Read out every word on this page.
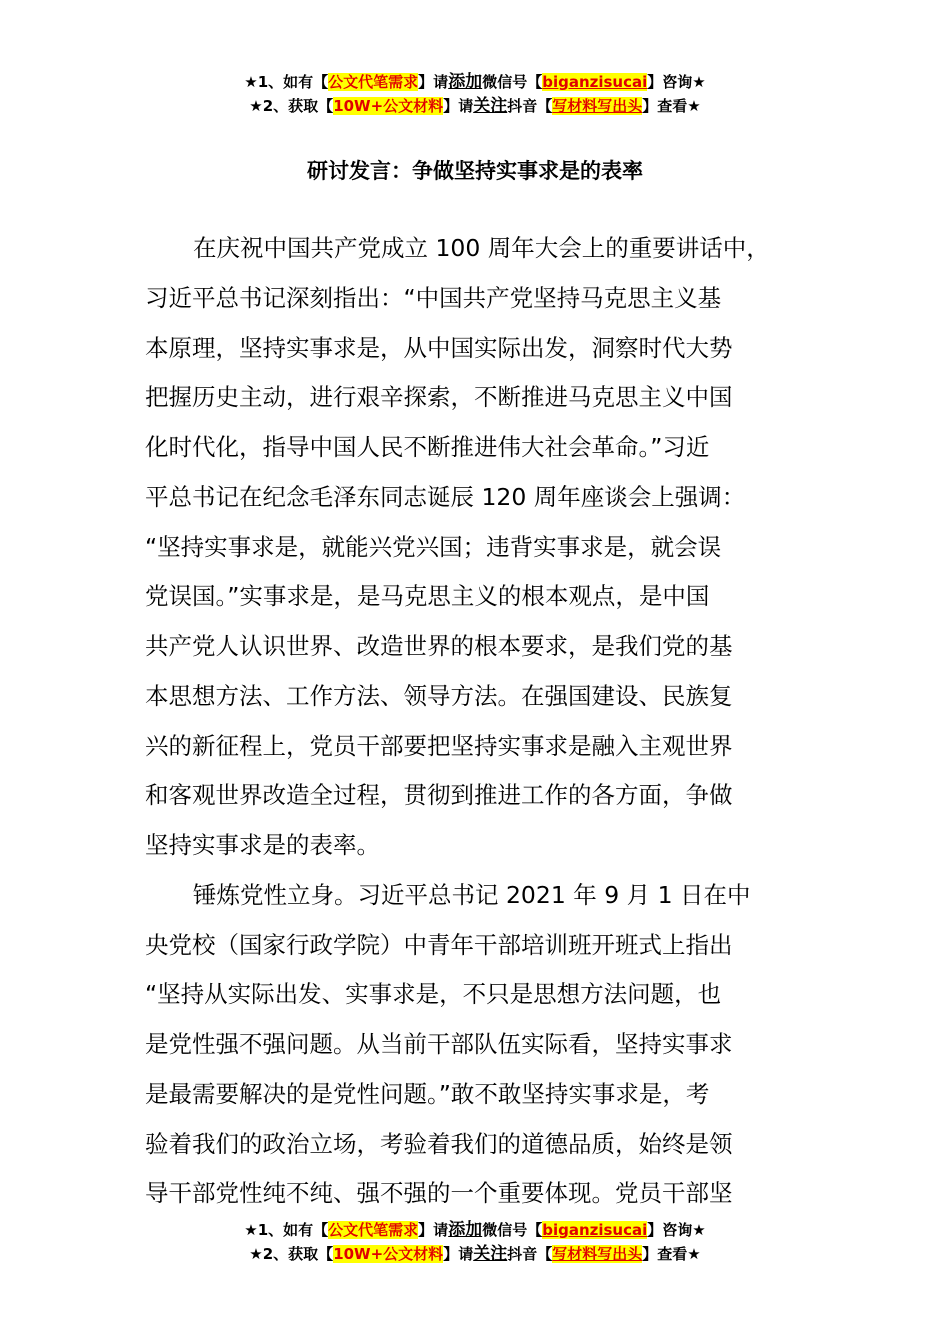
★1、如有【公文代笔需求】请添加微信号【biganzisucai】咨询★
★2、获取【10W+公文材料】请关注抖音【写材料写出头】查看★
研讨发言：争做坚持实事求是的表率
在庆祝中国共产党成立 100 周年大会上的重要讲话中，
习近平总书记深刻指出：“中国共产党坚持马克思主义基
本原理，坚持实事求是，从中国实际出发，洞察时代大势
把握历史主动，进行艰辛探索，不断推进马克思主义中国
化时代化，指导中国人民不断推进伟大社会革命。”习近
平总书记在纪念毛泽东同志诞辰 120 周年座谈会上强调：
“坚持实事求是，就能兴党兴国；违背实事求是，就会误
党误国。”实事求是，是马克思主义的根本观点，是中国
共产党人认识世界、改造世界的根本要求，是我们党的基
本思想方法、工作方法、领导方法。在强国建设、民族复
兴的新征程上，党员干部要把坚持实事求是融入主观世界
和客观世界改造全过程，贯彻到推进工作的各方面，争做
坚持实事求是的表率。
锤炼党性立身。习近平总书记 2021 年 9 月 1 日在中
央党校（国家行政学院）中青年干部培训班开班式上指出
“坚持从实际出发、实事求是，不只是思想方法问题，也
是党性强不强问题。从当前干部队伍实际看，坚持实事求
是最需要解决的是党性问题。”敢不敢坚持实事求是，考
验着我们的政治立场，考验着我们的道德品质，始终是领
导干部党性纯不纯、强不强的一个重要体现。党员干部坚
★1、如有【公文代笔需求】请添加微信号【biganzisucai】咨询★
★2、获取【10W+公文材料】请关注抖音【写材料写出头】查看★
